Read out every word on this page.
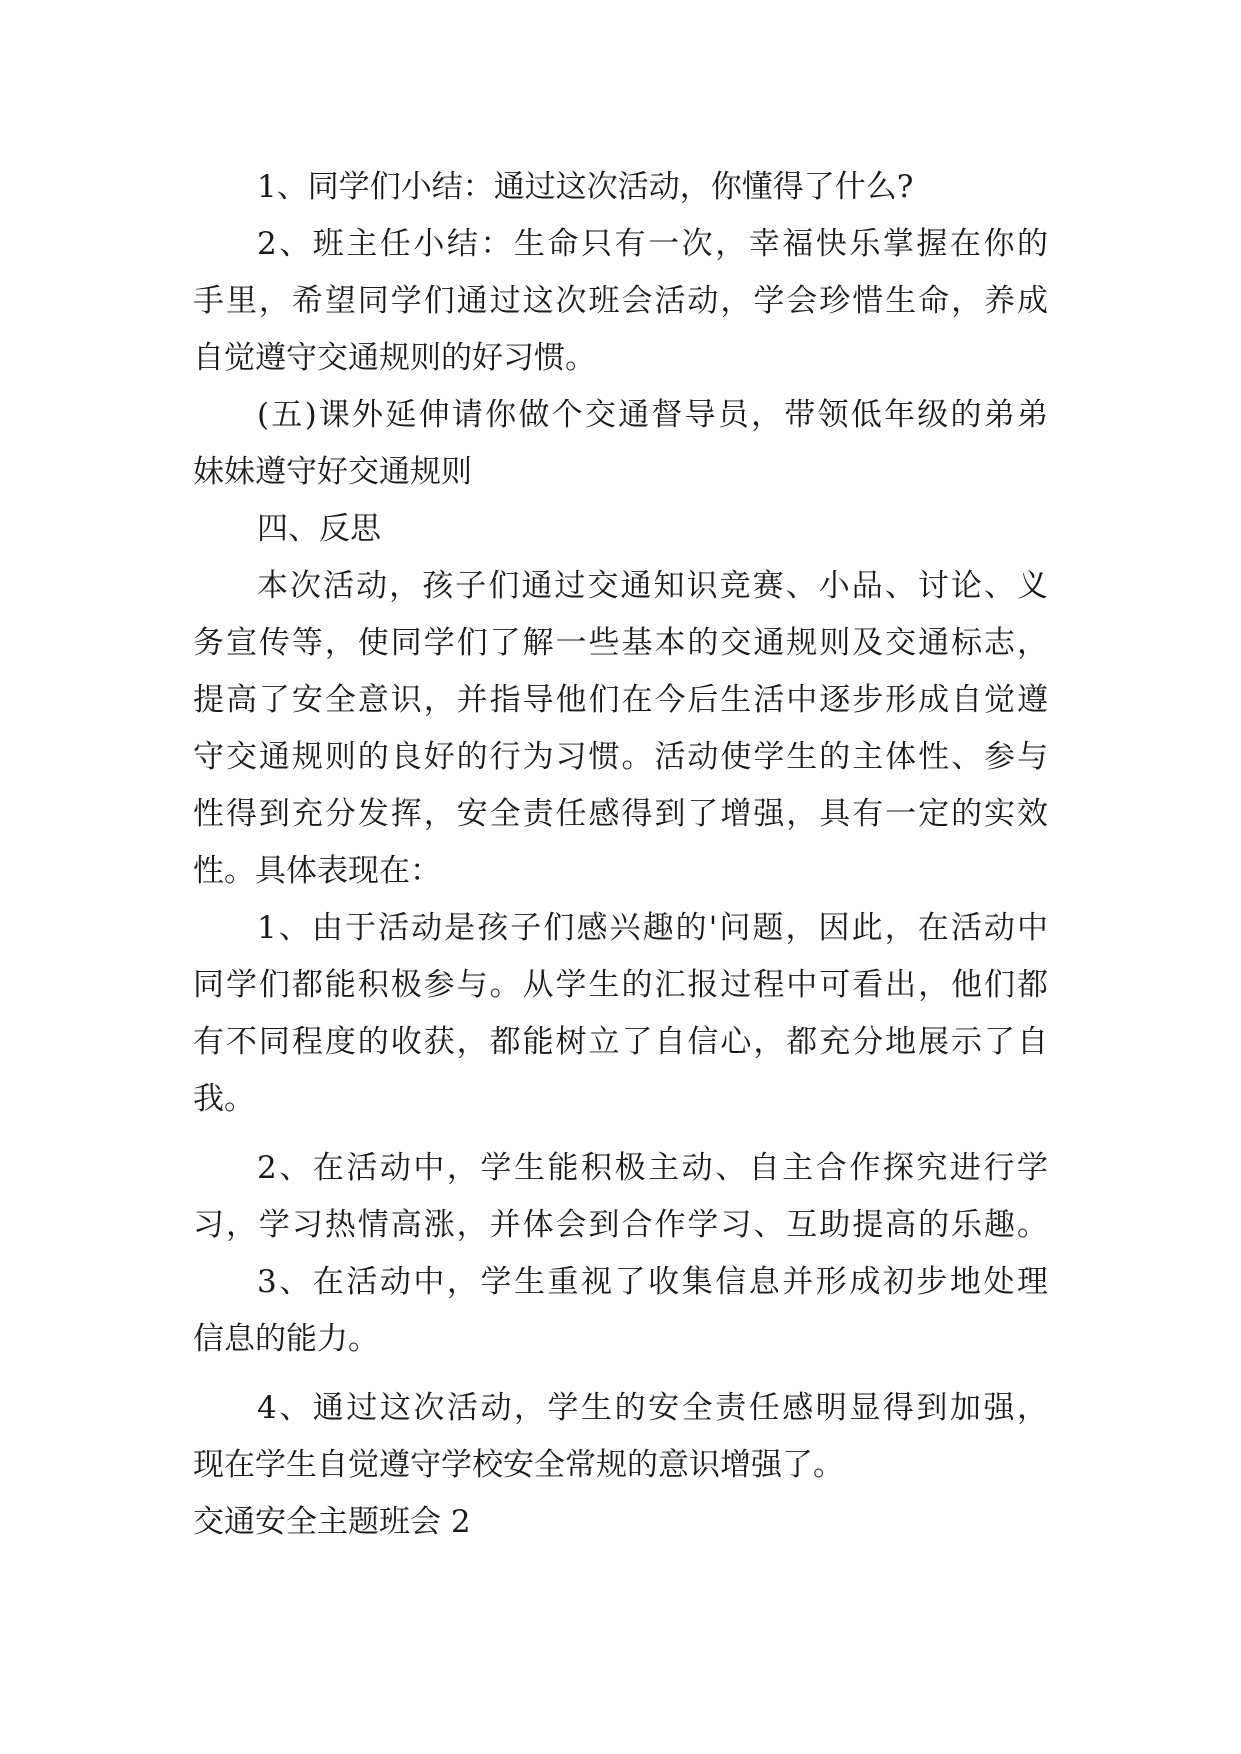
1、同学们小结：通过这次活动，你懂得了什么?

2、班主任小结：生命只有一次，幸福快乐掌握在你的

手里，希望同学们通过这次班会活动，学会珍惜生命，养成

自觉遵守交通规则的好习惯。

(五)课外延伸请你做个交通督导员，带领低年级的弟弟

妹妹遵守好交通规则

四、反思

本次活动，孩子们通过交通知识竞赛、小品、讨论、义

务宣传等，使同学们了解一些基本的交通规则及交通标志，

提高了安全意识，并指导他们在今后生活中逐步形成自觉遵

守交通规则的良好的行为习惯。活动使学生的主体性、参与

性得到充分发挥，安全责任感得到了增强，具有一定的实效

性。具体表现在：

1、由于活动是孩子们感兴趣的'问题，因此，在活动中

同学们都能积极参与。从学生的汇报过程中可看出，他们都

有不同程度的收获，都能树立了自信心，都充分地展示了自

我。

2、在活动中，学生能积极主动、自主合作探究进行学

习，学习热情高涨，并体会到合作学习、互助提高的乐趣。

3、在活动中，学生重视了收集信息并形成初步地处理

信息的能力。

4、通过这次活动，学生的安全责任感明显得到加强，

现在学生自觉遵守学校安全常规的意识增强了。

交通安全主题班会 2
